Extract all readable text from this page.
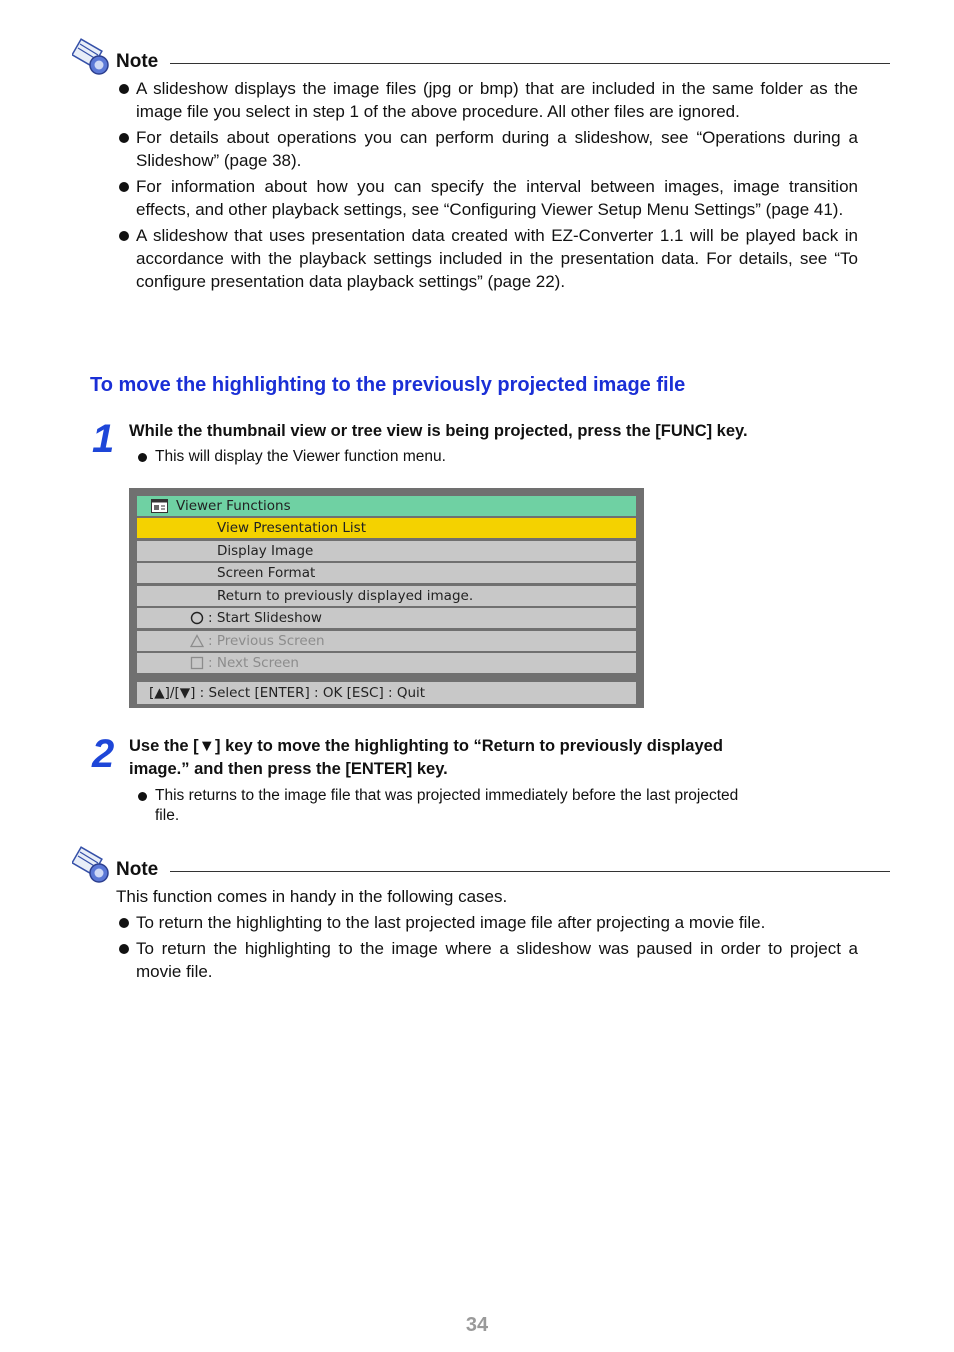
Note
A slideshow displays the image files (jpg or bmp) that are included in the same folder as the image file you select in step 1 of the above procedure. All other files are ignored.
For details about operations you can perform during a slideshow, see “Operations during a Slideshow” (page 38).
For information about how you can specify the interval between images, image transition effects, and other playback settings, see “Configuring Viewer Setup Menu Settings” (page 41).
A slideshow that uses presentation data created with EZ-Converter 1.1 will be played back in accordance with the playback settings included in the presentation data. For details, see “To configure presentation data playback settings” (page 22).
To move the highlighting to the previously projected image file
1 While the thumbnail view or tree view is being projected, press the [FUNC] key.
This will display the Viewer function menu.
Viewer Functions
View Presentation List
Display Image
Screen Format
Return to previously displayed image.
: Start Slideshow
: Previous Screen
: Next Screen
[▲]/[▼] : Select [ENTER] : OK [ESC] : Quit
2 Use the [▼] key to move the highlighting to “Return to previously displayed
image.” and then press the [ENTER] key.
This returns to the image file that was projected immediately before the last projected
file.
Note
This function comes in handy in the following cases.
To return the highlighting to the last projected image file after projecting a movie file.
To return the highlighting to the image where a slideshow was paused in order to project a movie file.
34
